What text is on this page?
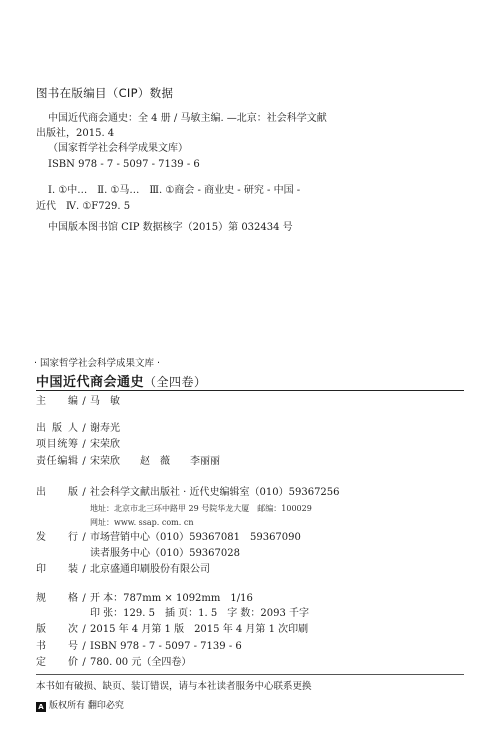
图书在版编目（CIP）数据
中国近代商会通史：全 4 册 / 马敏主编. —北京：社会科学文献
出版社，2015. 4
（国家哲学社会科学成果文库）
ISBN 978 - 7 - 5097 - 7139 - 6
Ⅰ. ①中…　Ⅱ. ①马…　Ⅲ. ①商会 - 商业史 - 研究 - 中国 -
近代　Ⅳ. ①F729. 5
中国版本图书馆 CIP 数据核字（2015）第 032434 号
· 国家哲学社会科学成果文库 ·
中国近代商会通史（全四卷）
主　　编 / 马　敏
出 版 人 / 谢寿光
项目统筹 / 宋荣欣
责任编辑 / 宋荣欣　　赵　薇　　李丽丽
出　　版 / 社会科学文献出版社 · 近代史编辑室（010）59367256
地址：北京市北三环中路甲 29 号院华龙大厦　邮编：100029
网址：www. ssap. com. cn
发　　行 / 市场营销中心（010）59367081　59367090
读者服务中心（010）59367028
印　　装 / 北京盛通印刷股份有限公司
规　　格 / 开 本：787mm × 1092mm　1/16
印 张：129. 5　插 页：1. 5　字 数：2093 千字
版　　次 / 2015 年 4 月第 1 版　2015 年 4 月第 1 次印刷
书　　号 / ISBN 978 - 7 - 5097 - 7139 - 6
定　　价 / 780. 00 元（全四卷）
本书如有破损、缺页、装订错误，请与本社读者服务中心联系更换
A 版权所有 翻印必究
